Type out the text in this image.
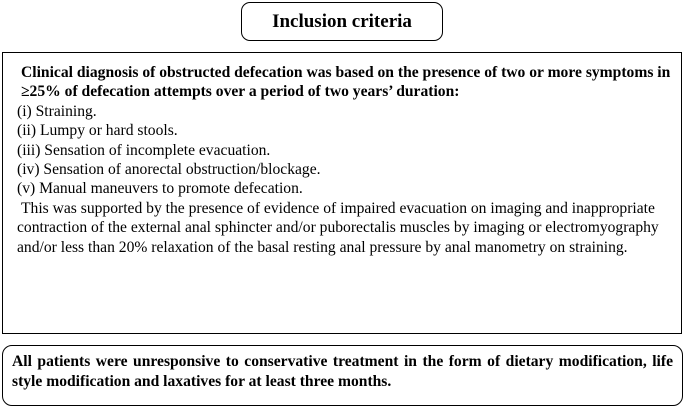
Inclusion criteria

Clinical diagnosis of obstructed defecation was based on the presence of two or more symptoms in ≥25% of defecation attempts over a period of two years’ duration:

(i) Straining.
(ii) Lumpy or hard stools.
(iii) Sensation of incomplete evacuation.
(iv) Sensation of anorectal obstruction/blockage.
(v) Manual maneuvers to promote defecation.

This was supported by the presence of evidence of impaired evacuation on imaging and inappropriate contraction of the external anal sphincter and/or puborectalis muscles by imaging or electromyography and/or less than 20% relaxation of the basal resting anal pressure by anal manometry on straining.

All patients were unresponsive to conservative treatment in the form of dietary modification, life style modification and laxatives for at least three months.
